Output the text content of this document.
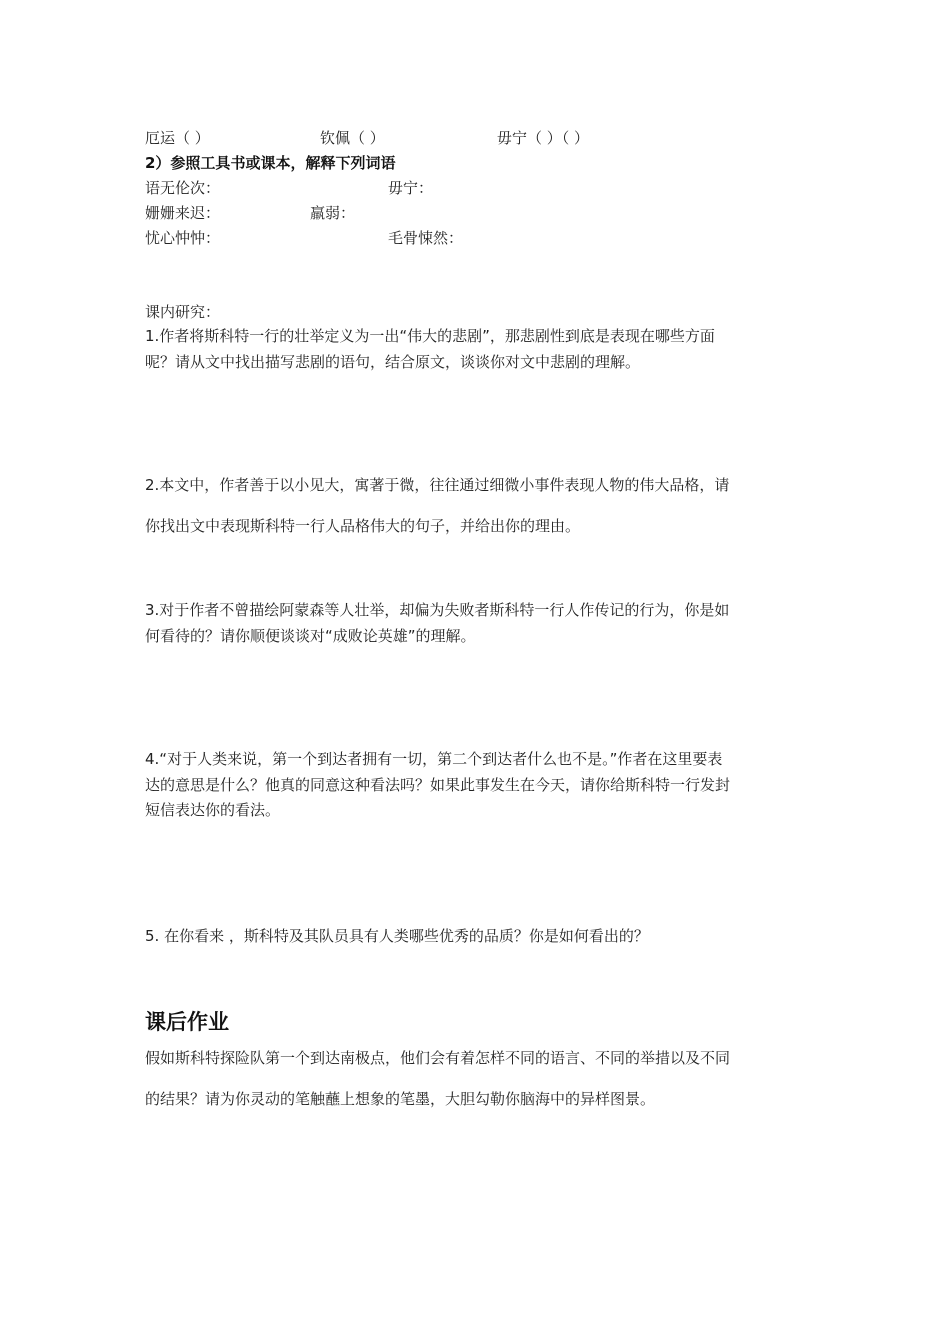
厄运（ ）	钦佩（ ）	毋宁（ ）（ ）
2）参照工具书或课本，解释下列词语
语无伦次：	毋宁：
姗姗来迟：	羸弱：
忧心忡忡：	毛骨悚然：
课内研究：
1.作者将斯科特一行的壮举定义为一出“伟大的悲剧”，那悲剧性到底是表现在哪些方面
呢？请从文中找出描写悲剧的语句，结合原文，谈谈你对文中悲剧的理解。
2.本文中，作者善于以小见大，寓著于微，往往通过细微小事件表现人物的伟大品格，请
你找出文中表现斯科特一行人品格伟大的句子，并给出你的理由。
3.对于作者不曾描绘阿蒙森等人壮举，却偏为失败者斯科特一行人作传记的行为，你是如
何看待的？请你顺便谈谈对“成败论英雄”的理解。
4.“对于人类来说，第一个到达者拥有一切，第二个到达者什么也不是。”作者在这里要表
达的意思是什么？他真的同意这种看法吗？如果此事发生在今天，请你给斯科特一行发封
短信表达你的看法。
5. 在你看来 ，斯科特及其队员具有人类哪些优秀的品质？你是如何看出的？
课后作业
假如斯科特探险队第一个到达南极点，他们会有着怎样不同的语言、不同的举措以及不同
的结果？请为你灵动的笔触蘸上想象的笔墨，大胆勾勒你脑海中的异样图景。
